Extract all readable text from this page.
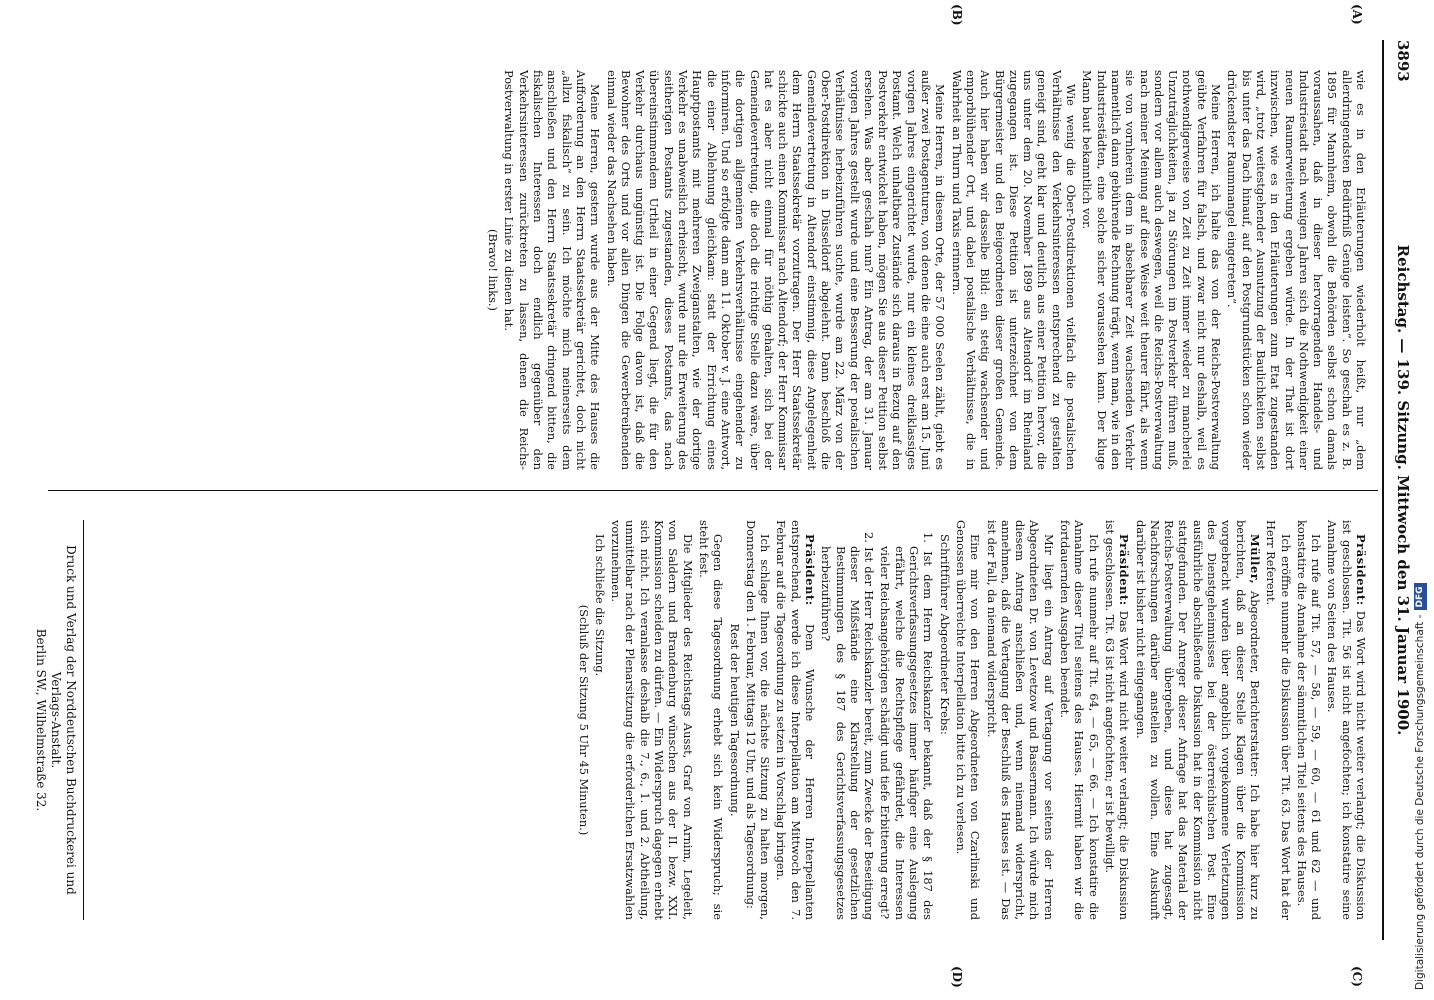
3893
Reichstag. — 139. Sitzung. Mittwoch den 31. Januar 1900.
(A)
(B)
(C)
(D)

wie es in den Erläuterungen wiederholt heißt, nur „dem allerdringendsten Bedürfniß Genüge leisten“. So geschah es z. B. 1895 für Mannheim, obwohl die Behörden selbst schon damals voraussahen, daß in dieser hervorragenden Handels- und Industriestadt nach wenigen Jahren sich die Nothwendigkeit einer neuen Raumerweiterung ergeben würde. In der That ist dort inzwischen, wie es in den Erläuterungen zum Etat zugestanden wird, „trotz weitestgehender Ausnutzung der Baulichkeiten selbst bis unter das Dach hinauf, auf den Postgrundstücken schon wieder drückendster Raummangel eingetreten“.

Meine Herren, ich halte das von der Reichs-Postverwaltung geübte Verfahren für falsch, und zwar nicht nur deshalb, weil es nothwendigerweise von Zeit zu Zeit immer wieder zu mancherlei Unzuträglichkeiten, ja zu Störungen im Postverkehr führen muß, sondern vor allem auch deswegen, weil die Reichs-Postverwaltung nach meiner Meinung auf diese Weise weit theurer fährt, als wenn sie von vornherein dem in absehbarer Zeit wachsenden Verkehr namentlich dann gebührende Rechnung trägt, wenn man, wie in den Industriestädten, eine solche sicher voraussehen kann. Der kluge Mann baut bekanntlich vor.

Wie wenig die Ober-Postdirektionen vielfach die postalischen Verhältnisse den Verkehrsinteressen entsprechend zu gestalten geneigt sind, geht klar und deutlich aus einer Petition hervor, die uns unter dem 20. November 1899 aus Altendorf im Rheinland zugegangen ist. Diese Petition ist unterzeichnet von dem Bürgermeister und den Beigeordneten dieser großen Gemeinde. Auch hier haben wir dasselbe Bild: ein stetig wachsender und emporblühender Ort, und dabei postalische Verhältnisse, die in Wahrheit an Thurn und Taxis erinnern.

Meine Herren, in diesem Orte, der 57 000 Seelen zählt, giebt es außer zwei Postagenturen, von denen die eine auch erst am 15. Juni vorigen Jahres eingerichtet wurde, nur ein kleines dreiklassiges Postamt. Welch unhaltbare Zustände sich daraus in Bezug auf den Postverkehr entwickelt haben, mögen Sie aus dieser Petition selbst ersehen. Was aber geschah nun? Ein Antrag, der am 31. Januar vorigen Jahres gestellt wurde und eine Besserung der postalischen Verhältnisse herbeizuführen suchte, wurde am 22. März von der Ober-Postdirektion in Düsseldorf abgelehnt. Dann beschloß die Gemeindevertretung in Altendorf einstimmig, diese Angelegenheit dem Herrn Staatssekretär vorzutragen. Der Herr Staatssekretär schickte auch einen Kommissar nach Altendorf; der Herr Kommissar hat es aber nicht einmal für nöthig gehalten, sich bei der Gemeindevertretung, die doch die richtige Stelle dazu wäre, über die dortigen allgemeinen Verkehrsverhältnisse eingehender zu informiren. Und so erfolgte dann am 11. Oktober v. J. eine Antwort, die einer Ablehnung gleichkam: statt der Errichtung eines Hauptpostamts mit mehreren Zweiganstalten, wie der dortige Verkehr es unabweislich erheischt, wurde nur die Erweiterung des seitherigen Postamts zugestanden, dieses Postamts, das nach übereinstimmendem Urtheil in einer Gegend liegt, die für den Verkehr durchaus ungünstig ist. Die Folge davon ist, daß die Bewohner des Orts und vor allen Dingen die Gewerbetreibenden einmal wieder das Nachsehen haben.

Meine Herren, gestern wurde aus der Mitte des Hauses die Aufforderung an den Herrn Staatssekretär gerichtet, doch nicht „allzu fiskalisch“ zu sein. Ich möchte mich meinerseits dem anschließen und den Herrn Staatssekretär dringend bitten, die fiskalischen Interessen doch endlich gegenüber den Verkehrsinteressen zurücktreten zu lassen, denen die Reichs-Postverwaltung in erster Linie zu dienen hat.

(Bravo! links.)

Präsident: Das Wort wird nicht weiter verlangt; die Diskussion ist geschlossen. Tit. 56 ist nicht angefochten; ich konstatire seine Annahme von Seiten des Hauses.

Ich rufe auf Tit. 57, — 58, — 59, — 60, — 61 und 62 — und konstatire die Annahme der sämmtlichen Titel seitens des Hauses.

Ich eröffne nunmehr die Diskussion über Tit. 63. Das Wort hat der Herr Referent.

Müller, Abgeordneter, Berichterstatter: Ich habe hier kurz zu berichten, daß an dieser Stelle Klagen über die Kommission vorgebracht wurden über angeblich vorgekommene Verletzungen des Dienstgeheimnisses bei der österreichischen Post. Eine ausführliche abschließende Diskussion hat in der Kommission nicht stattgefunden. Der Anreger dieser Anfrage hat das Material der Reichs-Postverwaltung übergeben, und diese hat zugesagt, Nachforschungen darüber anstellen zu wollen. Eine Auskunft darüber ist bisher nicht eingegangen.

Präsident: Das Wort wird nicht weiter verlangt; die Diskussion ist geschlossen. Tit. 63 ist nicht angefochten; er ist bewilligt.

Ich rufe nunmehr auf Tit. 64, — 65, — 66. — Ich konstatire die Annahme dieser Titel seitens des Hauses. Hiermit haben wir die fortdauernden Ausgaben beendet.

Mir liegt ein Antrag auf Vertagung vor seitens der Herren Abgeordneten Dr. von Levetzow und Bassermann. Ich würde mich diesem Antrag anschließen und, wenn niemand widerspricht, annehmen, daß die Vertagung der Beschluß des Hauses ist. — Das ist der Fall, da niemand widerspricht.

Eine mir von den Herren Abgeordneten von Czarlinski und Genossen überreichte Interpellation bitte ich zu verlesen.

Schriftführer Abgeordneter Krebs:

1. Ist dem Herrn Reichskanzler bekannt, daß der § 187 des Gerichtsverfassungsgesetzes immer häufiger eine Auslegung erfährt, welche die Rechtspflege gefährdet, die Interessen vieler Reichsangehörigen schädigt und tiefe Erbitterung erregt?

2. Ist der Herr Reichskanzler bereit, zum Zwecke der Beseitigung dieser Mißstände eine Klarstellung der gesetzlichen Bestimmungen des § 187 des Gerichtsverfassungsgesetzes herbeizuführen?

Präsident: Dem Wunsche der Herren Interpellanten entsprechend, werde ich diese Interpellation am Mittwoch den 7. Februar auf die Tagesordnung zu setzen in Vorschlag bringen.

Ich schlage Ihnen vor, die nächste Sitzung zu halten morgen, Donnerstag den 1. Februar, Mittags 12 Uhr, und als Tagesordnung:

Rest der heutigen Tagesordnung.

Gegen diese Tagesordnung erhebt sich kein Widerspruch; sie steht fest.

Die Mitglieder des Reichstags Ausst, Graf von Arnim, Legeleit, von Saldern und Brandenburg wünschen aus der II. bezw. XXI. Kommission scheiden zu dürfen. — Ein Widerspruch dagegen erhebt sich nicht. Ich veranlasse deshalb die 7., 6., 1. und 2. Abtheilung, unmittelbar nach der Plenarsitzung die erforderlichen Ersatzwahlen vorzunehmen.

Ich schließe die Sitzung.

(Schluß der Sitzung 5 Uhr 45 Minuten.)

Druck und Verlag der Norddeutschen Buchdruckerei und Verlags-Anstalt.
Berlin SW., Wilhelmstraße 32.	Digitalisierung gefördert durch die Deutsche Forschungsgemeinschaft -DFG
